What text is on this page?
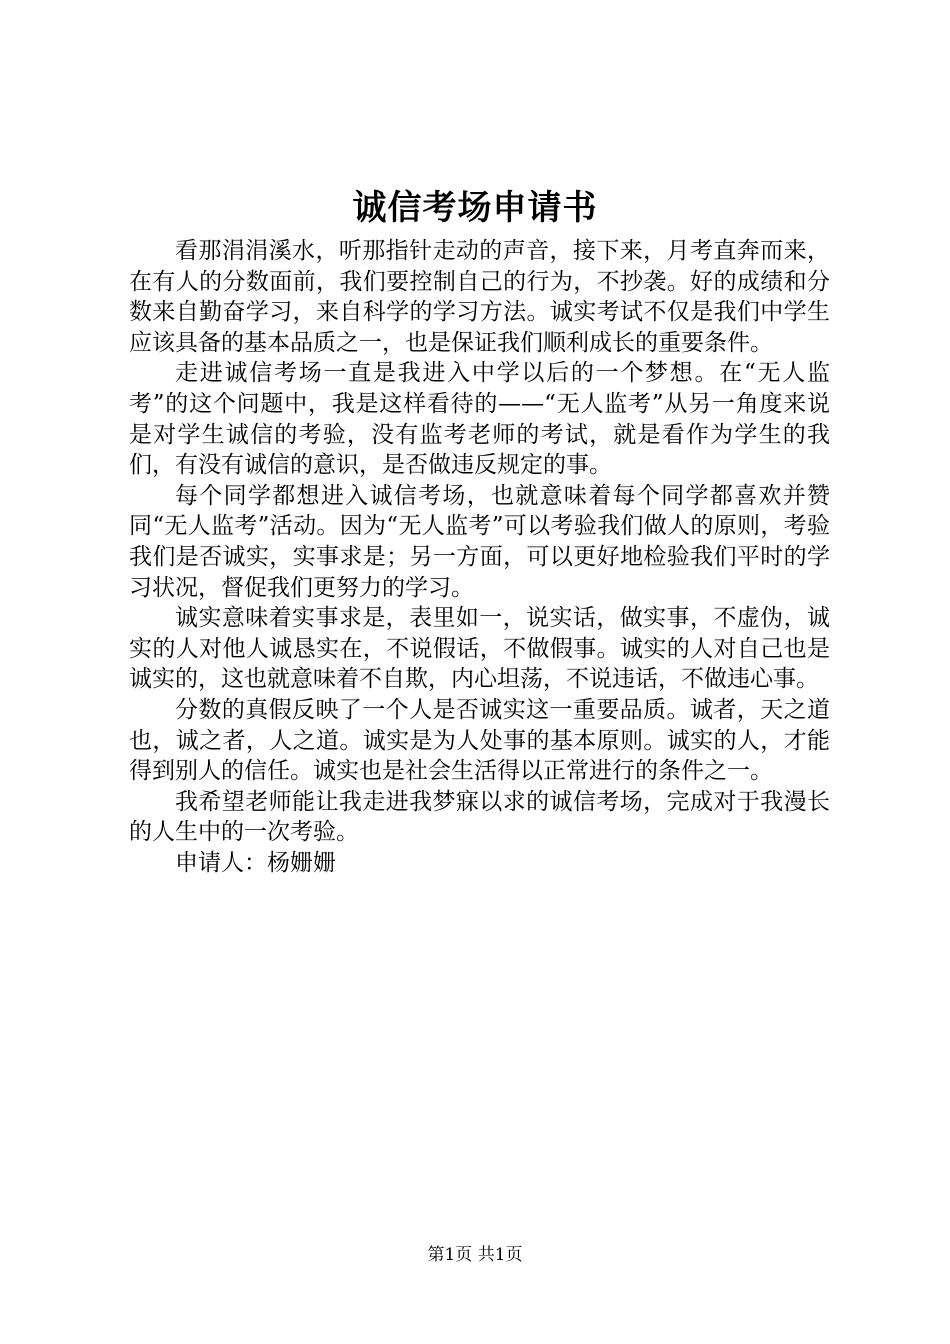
诚信考场申请书

看那涓涓溪水，听那指针走动的声音，接下来，月考直奔而来，在有人的分数面前，我们要控制自己的行为，不抄袭。好的成绩和分数来自勤奋学习，来自科学的学习方法。诚实考试不仅是我们中学生应该具备的基本品质之一，也是保证我们顺利成长的重要条件。

走进诚信考场一直是我进入中学以后的一个梦想。在“无人监考”的这个问题中，我是这样看待的——“无人监考”从另一角度来说是对学生诚信的考验，没有监考老师的考试，就是看作为学生的我们，有没有诚信的意识，是否做违反规定的事。

每个同学都想进入诚信考场，也就意味着每个同学都喜欢并赞同“无人监考”活动。因为“无人监考”可以考验我们做人的原则，考验我们是否诚实，实事求是；另一方面，可以更好地检验我们平时的学习状况，督促我们更努力的学习。

诚实意味着实事求是，表里如一，说实话，做实事，不虚伪，诚实的人对他人诚恳实在，不说假话，不做假事。诚实的人对自己也是诚实的，这也就意味着不自欺，内心坦荡，不说违话，不做违心事。

分数的真假反映了一个人是否诚实这一重要品质。诚者，天之道也，诚之者，人之道。诚实是为人处事的基本原则。诚实的人，才能得到别人的信任。诚实也是社会生活得以正常进行的条件之一。

我希望老师能让我走进我梦寐以求的诚信考场，完成对于我漫长的人生中的一次考验。

申请人：杨姗姗

第1页 共1页
